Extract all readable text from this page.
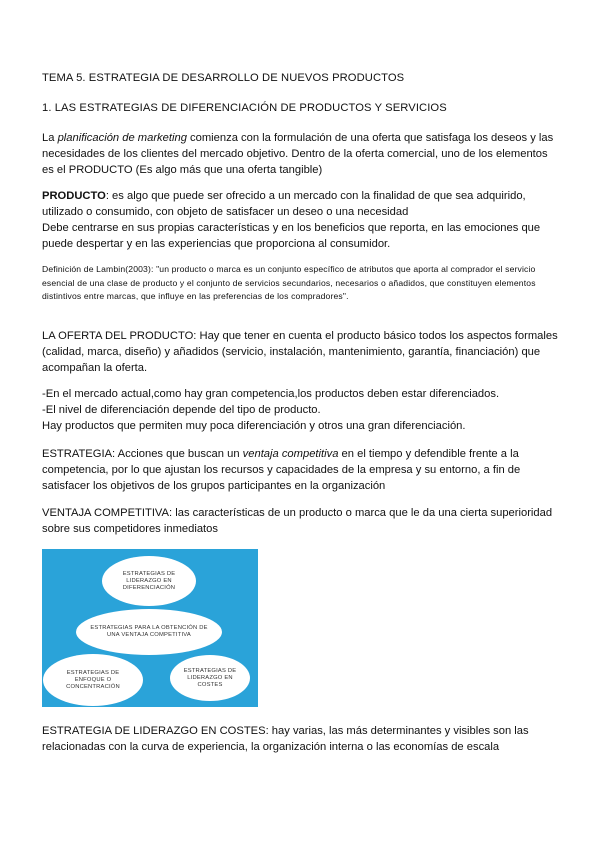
TEMA 5. ESTRATEGIA DE DESARROLLO DE NUEVOS PRODUCTOS
1. LAS ESTRATEGIAS DE DIFERENCIACIÓN DE PRODUCTOS Y SERVICIOS
La planificación de marketing comienza con la formulación de una oferta que satisfaga los deseos y las necesidades de los clientes del mercado objetivo. Dentro de la oferta comercial, uno de los elementos es el PRODUCTO (Es algo más que una oferta tangible)
PRODUCTO: es algo que puede ser ofrecido a un mercado con la finalidad de que sea adquirido, utilizado o consumido, con objeto de satisfacer un deseo o una necesidad
Debe centrarse en sus propias características y en los beneficios que reporta, en las emociones que puede despertar y en las experiencias que proporciona al consumidor.
Definición de Lambin(2003): "un producto o marca es un conjunto específico de atributos que aporta al comprador el servicio esencial de una clase de producto y el conjunto de servicios secundarios, necesarios o añadidos, que constituyen elementos distintivos entre marcas, que influye en las preferencias de los compradores".
LA OFERTA DEL PRODUCTO: Hay que tener en cuenta el producto básico todos los aspectos formales (calidad, marca, diseño) y añadidos (servicio, instalación, mantenimiento, garantía, financiación) que acompañan la oferta.
-En el mercado actual,como hay gran competencia,los productos deben estar diferenciados.
-El nivel de diferenciación depende del tipo de producto.
Hay productos que permiten muy poca diferenciación y otros una gran diferenciación.
ESTRATEGIA: Acciones que buscan un ventaja competitiva en el tiempo y defendible frente a la competencia, por lo que ajustan los recursos y capacidades de la empresa y su entorno, a fin de satisfacer los objetivos de los grupos participantes en la organización
VENTAJA COMPETITIVA: las características de un producto o marca que le da una cierta superioridad sobre sus competidores inmediatos
ESTRATEGIAS DE LIDERAZGO EN DIFERENCIACIÓN
ESTRATEGIAS PARA LA OBTENCIÓN DE UNA VENTAJA COMPETITIVA
ESTRATEGIAS DE ENFOQUE O CONCENTRACIÓN
ESTRATEGIAS DE LIDERAZGO EN COSTES
ESTRATEGIA DE LIDERAZGO EN COSTES: hay varias, las más determinantes y visibles son las relacionadas con la curva de experiencia, la organización interna o las economías de escala
